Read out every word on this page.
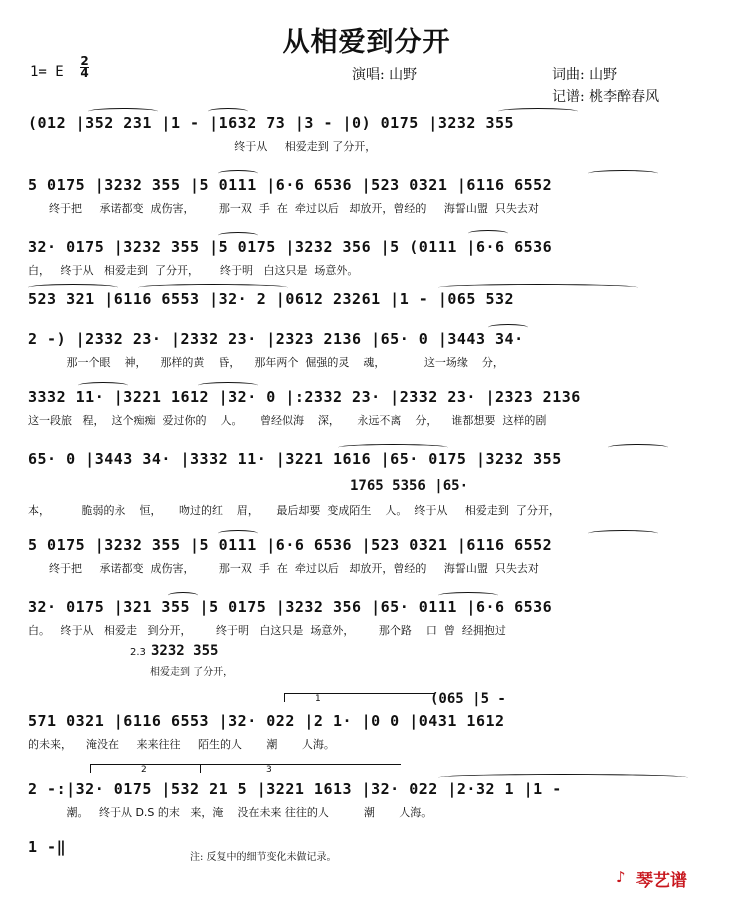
从相爱到分开
1= E
2
4	演唱: 山野	词曲: 山野
记谱: 桃李醉春风
(012 |352 231 |1 - |1632 73 |3 - |0) 0175 |3232 355
终于从     相爱走到 了分开，
5 0175 |3232 355 |5 0111 |6·6 6536 |523 0321 |6116 6552
终于把     承诺都变  成伤害，       那一双  手  在  牵过以后   却放开，曾经的     海誓山盟  只失去对
32· 0175 |3232 355 |5 0175 |3232 356 |5 (0111 |6·6 6536
白，   终于从   相爱走到  了分开，      终于明   白这只是  场意外。
523 321 |6116 6553 |32· 2 |0612 23261 |1 - |065 532
2 -) |2332 23· |2332 23· |2323 2136 |65· 0 |3443 34·
那一个眼    神，    那样的黄    昏，    那年两个  倔强的灵    魂，           这一场缘    分，
3332 11· |3221 1612 |32· 0 |:2332 23· |2332 23· |2323 2136
这一段旅   程，  这个痴痴  爱过你的    人。     曾经似海    深，     永远不离    分，    谁都想要  这样的剧
65· 0 |3443 34· |3332 11· |3221 1616 |65· 0175 |3232 355
本，         脆弱的永    恒，     吻过的红    眉，     最后却要  变成陌生    人。  终于从     相爱走到  了分开，
1765 5356 |65·
5 0175 |3232 355 |5 0111 |6·6 6536 |523 0321 |6116 6552
终于把     承诺都变  成伤害，       那一双  手  在  牵过以后   却放开，曾经的     海誓山盟  只失去对
32· 0175 |321 355 |5 0175 |3232 356 |65· 0111 |6·6 6536
白。   终于从   相爱走   到分开，       终于明   白这只是  场意外，       那个路    口  曾  经拥抱过
2.3 3232 355
相爱走到 了分开，
(065 |5 -
1
571 0321 |6116 6553 |32· 022 |2 1· |0 0 |0431 1612
的未来，    淹没在     来来往往     陌生的人       潮       人海。
2	3
2 -:|32· 0175 |532 21 5 |3221 1613 |32· 022 |2·32 1 |1 -
潮。   终于从 D.S 的末   来，淹    没在未来 往往的人          潮       人海。
1 -‖
注: 反复中的细节变化未做记录。
♪ 琴艺谱
